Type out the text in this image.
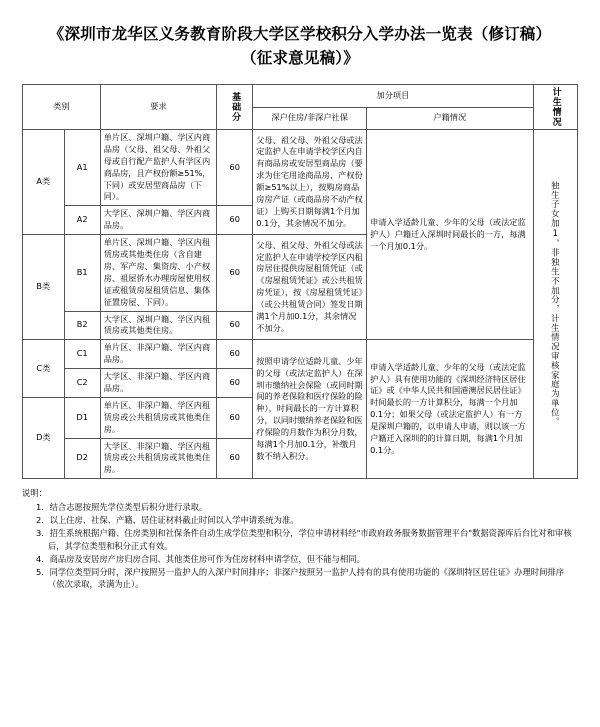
《深圳市龙华区义务教育阶段大学区学校积分入学办法一览表（修订稿）（征求意见稿）》
类别		要求	基础分	加分项目		计生情况

				深户住房/非深户社保	户籍情况	
A类	A1	单片区、深圳户籍、学区内商品房（父母、祖父母、外祖父母或自行配产监护人有学区内商品房，且产权份额≥51%，下同）或安居型商品房（下同）。	60	父母、祖父母、外祖父母或法定监护人在申请学校学区内自有商品房或安居型商品房（要求为住宅用途商品房，产权份额≥51%以上），按购房商品房房产证（或商品房不动产权证）上购买日期每满1个月加0.1分，其余情况不加分。	申请入学适龄儿童、少年的父母（或法定监护人）户籍迁入深圳时间最长的一方，每满一个月加0.1分。	独生子女加1，非独生不加分，计生情况审核家庭为单位。

	A2	大学区、深圳户籍、学区内商品房。	60			
B类	B1	单片区、深圳户籍、学区内租赁房或其他类住房（含自建房、军产房、集资房、小产权房、祖屋侨水办理房屋使用权证或租赁房屋租赁信息、集体征置房屋、下同）。	60	父母、祖父母、外祖父母或法定监护人在申请学校学区内租房居住提供房屋租赁凭证（或《房屋租赁凭证》或公共租赁房凭证），按《房屋租赁凭证》（或公共租赁合同）签发日期满1个月加0.1分，其余情况不加分。		
	B2	大学区、深圳户籍、学区内租赁房或其他类住房。	60			
C类	C1	单片区、非深户籍、学区内商品房。	60	按照申请学位适龄儿童、少年的父母（或法定监护人）在深圳市缴纳社会保险（或同时期间的养老保险和医疗保险的险种），时间最长的一方计算积分，以同时缴纳养老保险和医疗保险的月数作为积分月数，每满1个月加0.1分，补缴月数不纳入积分。	申请入学适龄儿童、少年的父母（或法定监护人）具有使用功能的《深圳经济特区居住证》或《中华人民共和国港澳居民居住证》时间最长的一方计算积分，每满一个月加0.1分；如果父母（或法定监护人）有一方是深圳户籍的，以申请人申请，则以该一方户籍迁入深圳的的计算日期，每满1个月加0.1分。	
	C2	大学区、非深户籍、学区内商品房。	60			
D类	D1	单片区、非深户籍、学区内租赁房或公共租赁房或其他类住房。	60			
	D2	大学区、非深户籍、学区内租赁房或公共租赁房或其他类住房。	60			

说明：

1．结合志愿按照先学位类型后积分进行录取。

2．以上住房、社保、产籍、居住证材料截止时间以入学申请系统为准。

3．招生系统根据户籍、住房类别和社保条件自动生成学位类型和积分，学位申请材料经"市政府政务服务数据管理平台"数据资源库后台比对和审核后，其学位类型和积分正式有效。

4．商品房及安居房产房归房合同、其他类住房可作为住房材料申请学位，但不能与相同。

5．同学位类型同分时，深户按照另一监护人的入深户时间排序；非深户按照另一监护人持有的具有使用功能的《深圳特区居住证》办理时间排序（依次录取，录满为止）。
